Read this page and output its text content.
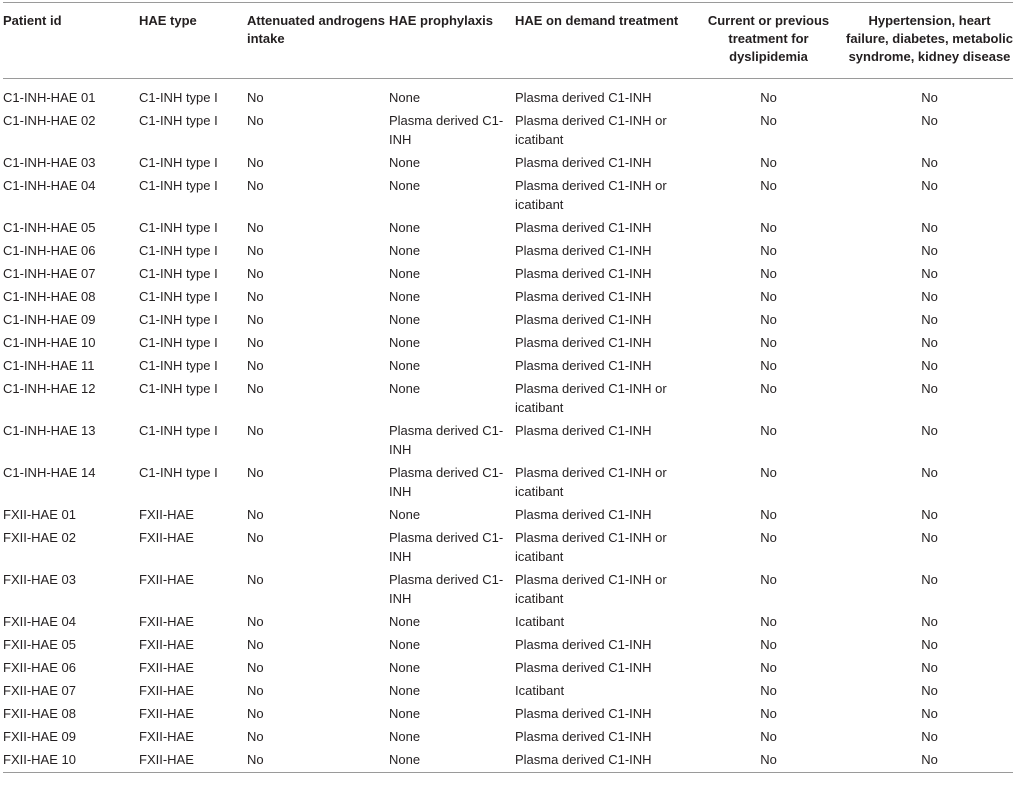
Patient id	HAE type	Attenuated androgens intake	HAE prophylaxis	HAE on demand treatment	Current or previous treatment for dyslipidemia	Hypertension, heart failure, diabetes, metabolic syndrome, kidney disease
C1-INH-HAE 01	C1-INH type I	No	None	Plasma derived C1-INH	No	No
C1-INH-HAE 02	C1-INH type I	No	Plasma derived C1-INH	Plasma derived C1-INH or icatibant	No	No
C1-INH-HAE 03	C1-INH type I	No	None	Plasma derived C1-INH	No	No
C1-INH-HAE 04	C1-INH type I	No	None	Plasma derived C1-INH or icatibant	No	No
C1-INH-HAE 05	C1-INH type I	No	None	Plasma derived C1-INH	No	No
C1-INH-HAE 06	C1-INH type I	No	None	Plasma derived C1-INH	No	No
C1-INH-HAE 07	C1-INH type I	No	None	Plasma derived C1-INH	No	No
C1-INH-HAE 08	C1-INH type I	No	None	Plasma derived C1-INH	No	No
C1-INH-HAE 09	C1-INH type I	No	None	Plasma derived C1-INH	No	No
C1-INH-HAE 10	C1-INH type I	No	None	Plasma derived C1-INH	No	No
C1-INH-HAE 11	C1-INH type I	No	None	Plasma derived C1-INH	No	No
C1-INH-HAE 12	C1-INH type I	No	None	Plasma derived C1-INH or icatibant	No	No
C1-INH-HAE 13	C1-INH type I	No	Plasma derived C1-INH	Plasma derived C1-INH	No	No
C1-INH-HAE 14	C1-INH type I	No	Plasma derived C1-INH	Plasma derived C1-INH or icatibant	No	No
FXII-HAE 01	FXII-HAE	No	None	Plasma derived C1-INH	No	No
FXII-HAE 02	FXII-HAE	No	Plasma derived C1-INH	Plasma derived C1-INH or icatibant	No	No
FXII-HAE 03	FXII-HAE	No	Plasma derived C1-INH	Plasma derived C1-INH or icatibant	No	No
FXII-HAE 04	FXII-HAE	No	None	Icatibant	No	No
FXII-HAE 05	FXII-HAE	No	None	Plasma derived C1-INH	No	No
FXII-HAE 06	FXII-HAE	No	None	Plasma derived C1-INH	No	No
FXII-HAE 07	FXII-HAE	No	None	Icatibant	No	No
FXII-HAE 08	FXII-HAE	No	None	Plasma derived C1-INH	No	No
FXII-HAE 09	FXII-HAE	No	None	Plasma derived C1-INH	No	No
FXII-HAE 10	FXII-HAE	No	None	Plasma derived C1-INH	No	No
